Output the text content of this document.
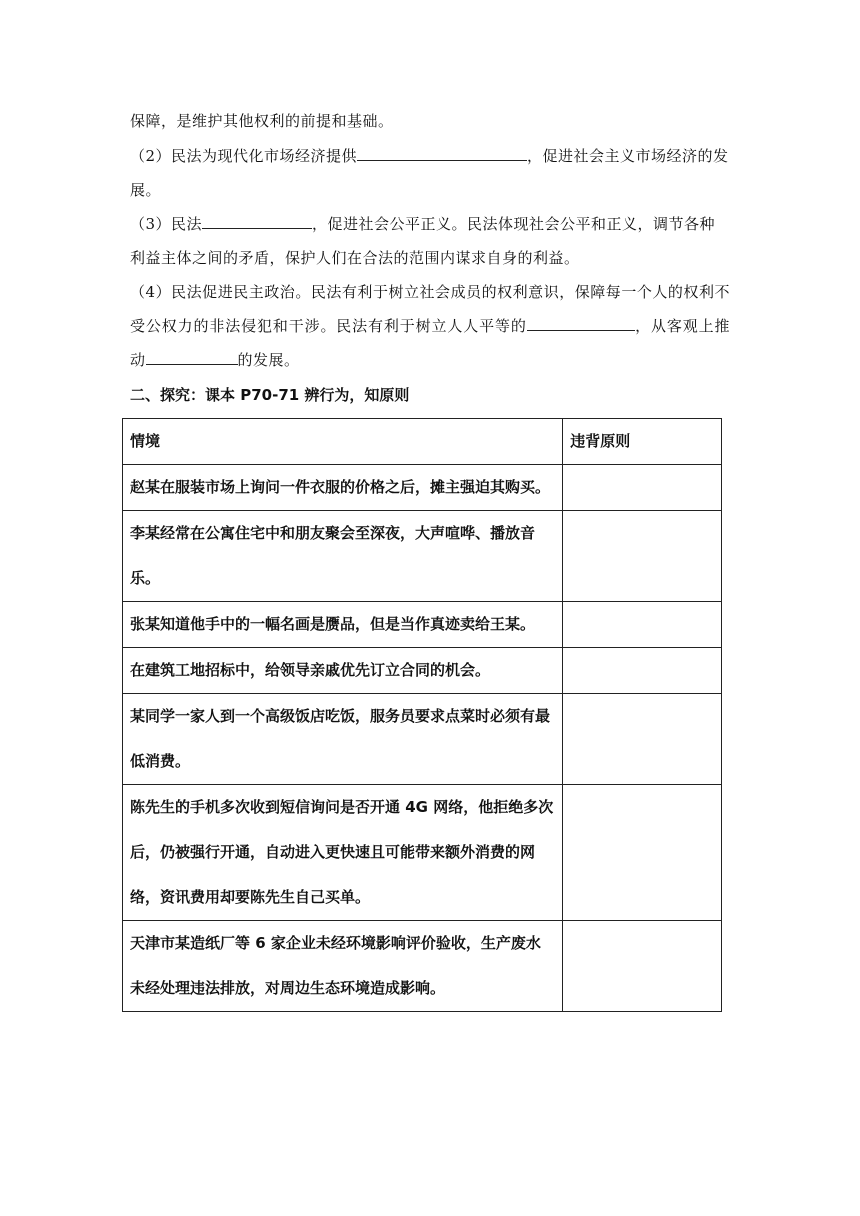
保障，是维护其他权利的前提和基础。

（2）民法为现代化市场经济提供	，促进社会主义市场经济的发展。

（3）民法	，促进社会公平正义。民法体现社会公平和正义，调节各种利益主体之间的矛盾，保护人们在合法的范围内谋求自身的利益。

（4）民法促进民主政治。民法有利于树立社会成员的权利意识，保障每一个人的权利不受公权力的非法侵犯和干涉。民法有利于树立人人平等的	，从客观上推动	的发展。

二、探究：课本 P70-71 辨行为，知原则

情境	违背原则
赵某在服装市场上询问一件衣服的价格之后，摊主强迫其购买。	
李某经常在公寓住宅中和朋友聚会至深夜，大声喧哗、播放音乐。	
张某知道他手中的一幅名画是赝品，但是当作真迹卖给王某。	
在建筑工地招标中，给领导亲戚优先订立合同的机会。	
某同学一家人到一个高级饭店吃饭，服务员要求点菜时必须有最低消费。	
陈先生的手机多次收到短信询问是否开通 4G 网络，他拒绝多次后，仍被强行开通，自动进入更快速且可能带来额外消费的网络，资讯费用却要陈先生自己买单。	
天津市某造纸厂等 6 家企业未经环境影响评价验收，生产废水未经处理违法排放，对周边生态环境造成影响。	
